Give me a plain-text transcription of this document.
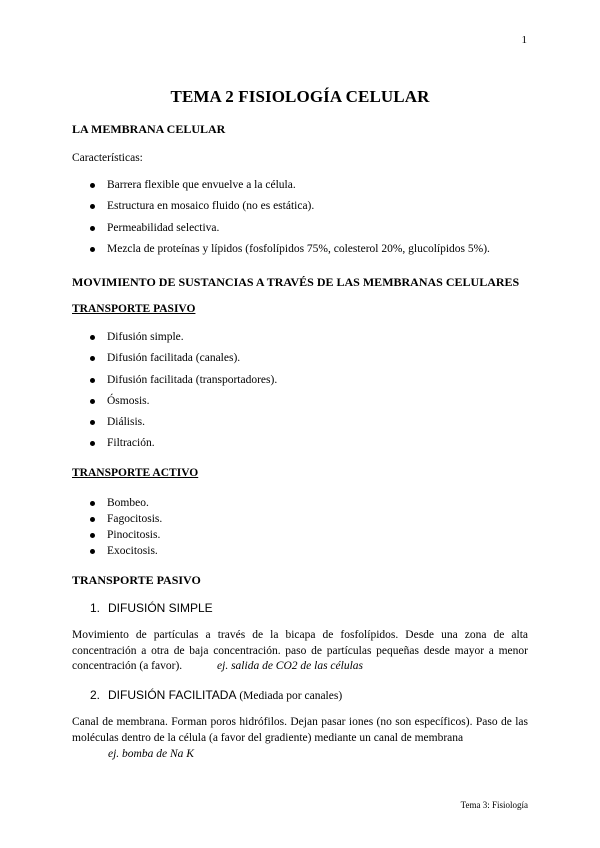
1
TEMA 2 FISIOLOGÍA CELULAR
LA MEMBRANA CELULAR

Características:

Barrera flexible que envuelve a la célula.
Estructura en mosaico fluido (no es estática).
Permeabilidad selectiva.
Mezcla de proteínas y lípidos (fosfolípidos 75%, colesterol 20%, glucolípidos 5%).
MOVIMIENTO DE SUSTANCIAS A TRAVÉS DE LAS MEMBRANAS CELULARES
TRANSPORTE PASIVO
Difusión simple.
Difusión facilitada (canales).
Difusión facilitada (transportadores).
Ósmosis.
Diálisis.
Filtración.
TRANSPORTE ACTIVO
Bombeo.
Fagocitosis.
Pinocitosis.
Exocitosis.
TRANSPORTE PASIVO

1. DIFUSIÓN SIMPLE

Movimiento de partículas a través de la bicapa de fosfolípidos. Desde una zona de alta concentración a otra de baja concentración. paso de partículas pequeñas desde mayor a menor concentración (a favor).	ej. salida de CO2 de las células

2. DIFUSIÓN FACILITADA (Mediada por canales)

Canal de membrana. Forman poros hidrófilos. Dejan pasar iones (no son específicos). Paso de las moléculas dentro de la célula (a favor del gradiente) mediante un canal de membrana

ej. bomba de Na K

Tema 3: Fisiología
